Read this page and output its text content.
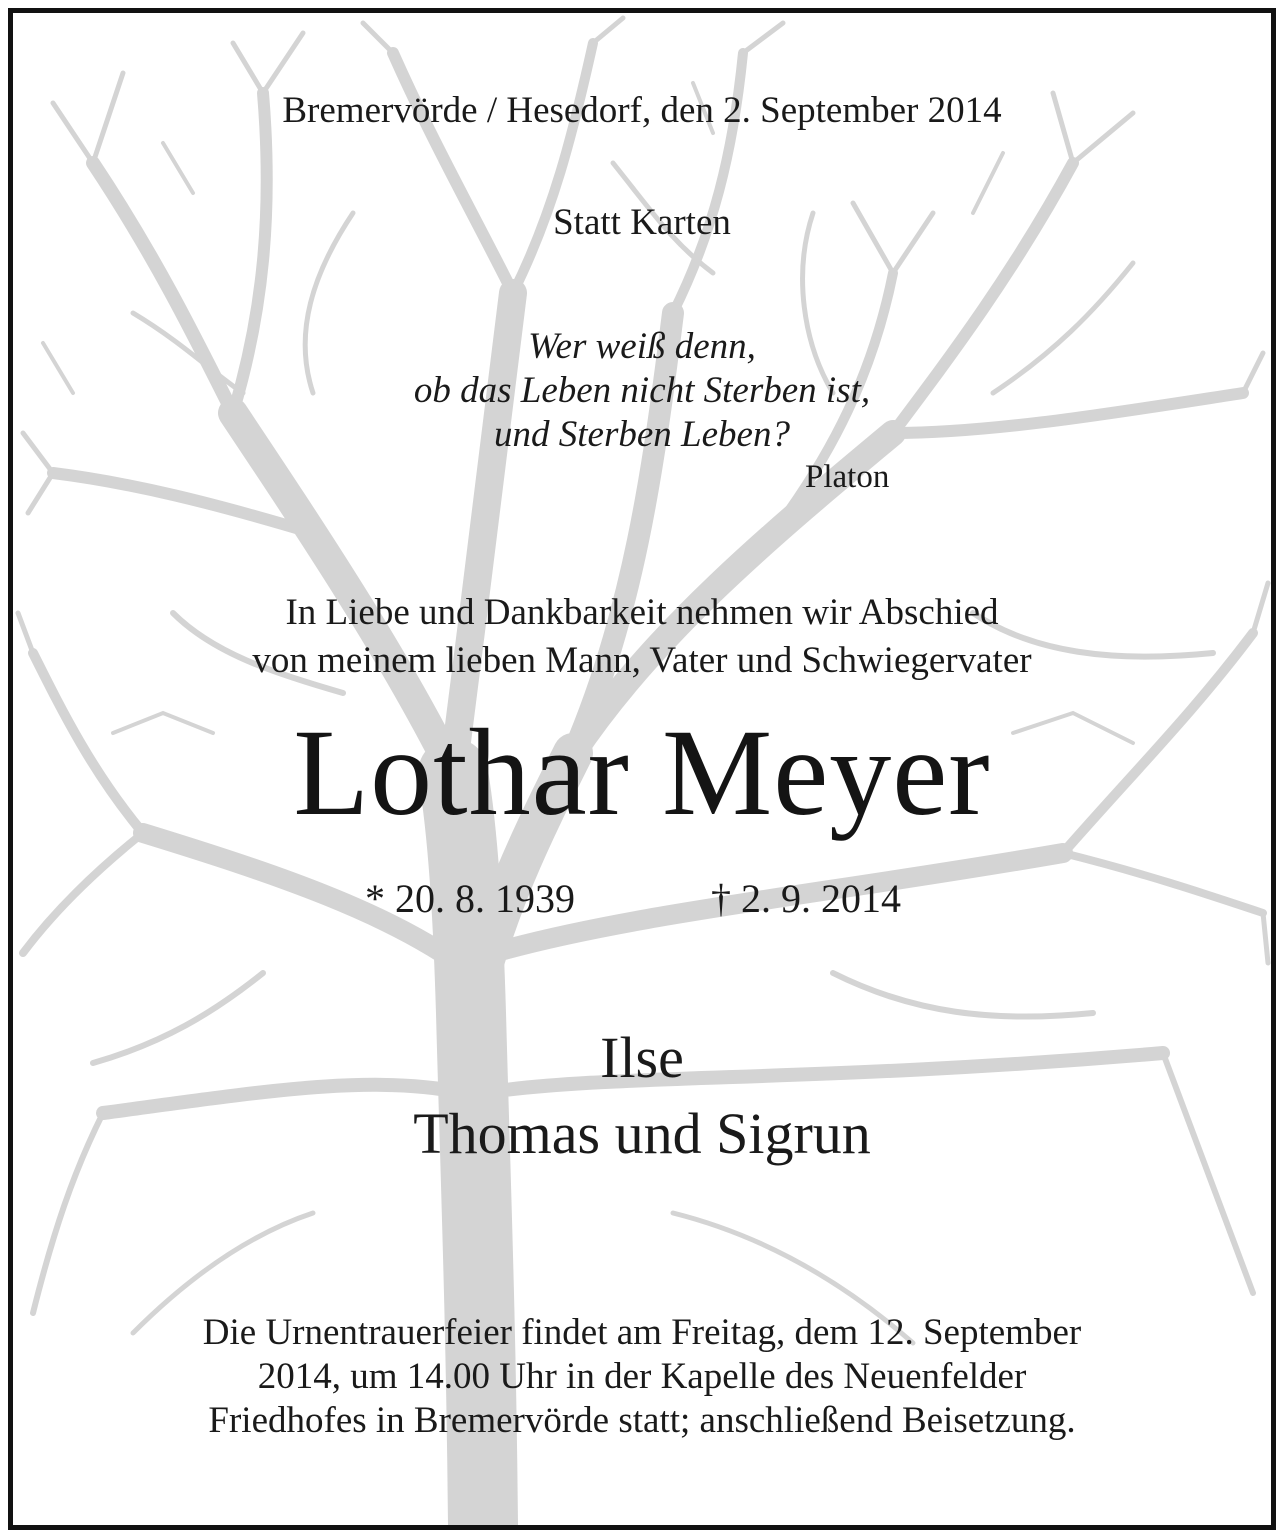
Bremervörde / Hesedorf, den 2. September 2014
Statt Karten
Wer weiß denn,
ob das Leben nicht Sterben ist,
und Sterben Leben?
Platon
In Liebe und Dankbarkeit nehmen wir Abschied
von meinem lieben Mann, Vater und Schwiegervater
Lothar Meyer
* 20. 8. 1939	† 2. 9. 2014
Ilse
Thomas und Sigrun
Die Urnentrauerfeier findet am Freitag, dem 12. September
2014, um 14.00 Uhr in der Kapelle des Neuenfelder
Friedhofes in Bremervörde statt; anschließend Beisetzung.
